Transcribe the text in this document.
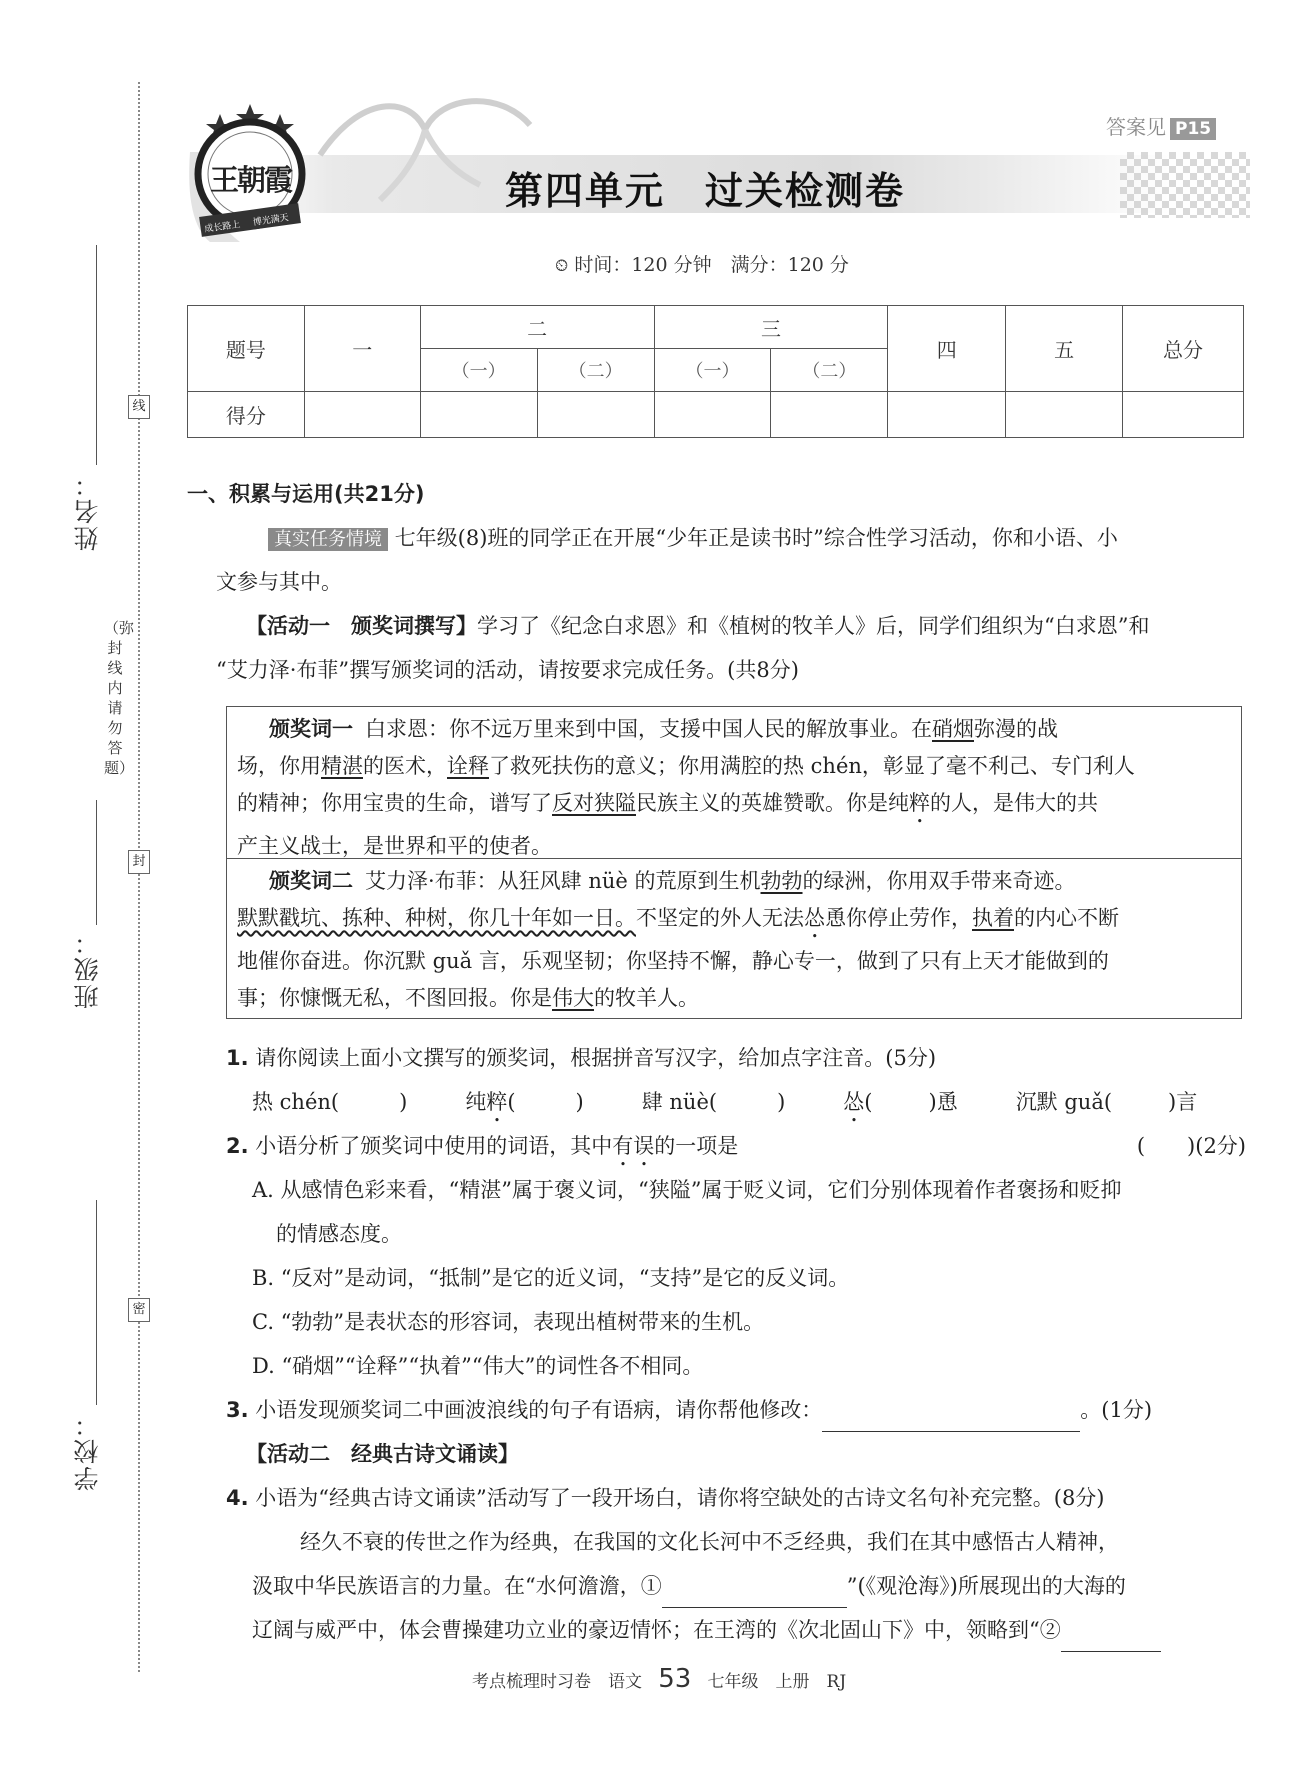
姓名：
班级：
学校：
线
封
密
（弥封线内请勿答题）
王朝霞
成长路上 博光满天
答案见 P15
第四单元　过关检测卷
⏲ 时间：120 分钟　满分：120 分
题号	一	二		三		四	五	总分
		（一）	（二）	（一）	（二）			
得分								
一、积累与运用(共21分)
真实任务情境 七年级(8)班的同学正在开展“少年正是读书时”综合性学习活动，你和小语、小
文参与其中。
【活动一　颁奖词撰写】学习了《纪念白求恩》和《植树的牧羊人》后，同学们组织为“白求恩”和
“艾力泽·布菲”撰写颁奖词的活动，请按要求完成任务。(共8分)
颁奖词一 白求恩：你不远万里来到中国，支援中国人民的解放事业。在硝烟弥漫的战
场，你用精湛的医术，诠释了救死扶伤的意义；你用满腔的热 chén，彰显了毫不利己、专门利人
的精神；你用宝贵的生命，谱写了反对狭隘民族主义的英雄赞歌。你是纯粹的人，是伟大的共
产主义战士，是世界和平的使者。
颁奖词二 艾力泽·布菲：从狂风肆 nüè 的荒原到生机勃勃的绿洲，你用双手带来奇迹。
默默戳坑、拣种、种树，你几十年如一日。不坚定的外人无法怂恿你停止劳作，执着的内心不断
地催你奋进。你沉默 guǎ 言，乐观坚韧；你坚持不懈，静心专一，做到了只有上天才能做到的
事；你慷慨无私，不图回报。你是伟大的牧羊人。
1. 请你阅读上面小文撰写的颁奖词，根据拼音写汉字，给加点字注音。(5分)
热 chén(	)	纯粹(	)	肆 nüè(	)	怂(	)恿	沉默 guǎ(	)言
2. 小语分析了颁奖词中使用的词语，其中有误的一项是	(　　)(2分)
A. 从感情色彩来看，“精湛”属于褒义词，“狭隘”属于贬义词，它们分别体现着作者褒扬和贬抑
的情感态度。
B. “反对”是动词，“抵制”是它的近义词，“支持”是它的反义词。
C. “勃勃”是表状态的形容词，表现出植树带来的生机。
D. “硝烟”“诠释”“执着”“伟大”的词性各不相同。
3. 小语发现颁奖词二中画波浪线的句子有语病，请你帮他修改：	。(1分)
【活动二　经典古诗文诵读】
4. 小语为“经典古诗文诵读”活动写了一段开场白，请你将空缺处的古诗文名句补充完整。(8分)
经久不衰的传世之作为经典，在我国的文化长河中不乏经典，我们在其中感悟古人精神，
汲取中华民族语言的力量。在“水何澹澹，①	”(《观沧海》)所展现出的大海的
辽阔与威严中，体会曹操建功立业的豪迈情怀；在王湾的《次北固山下》中，领略到“②
考点梳理时习卷　语文 53 七年级　上册　RJ
